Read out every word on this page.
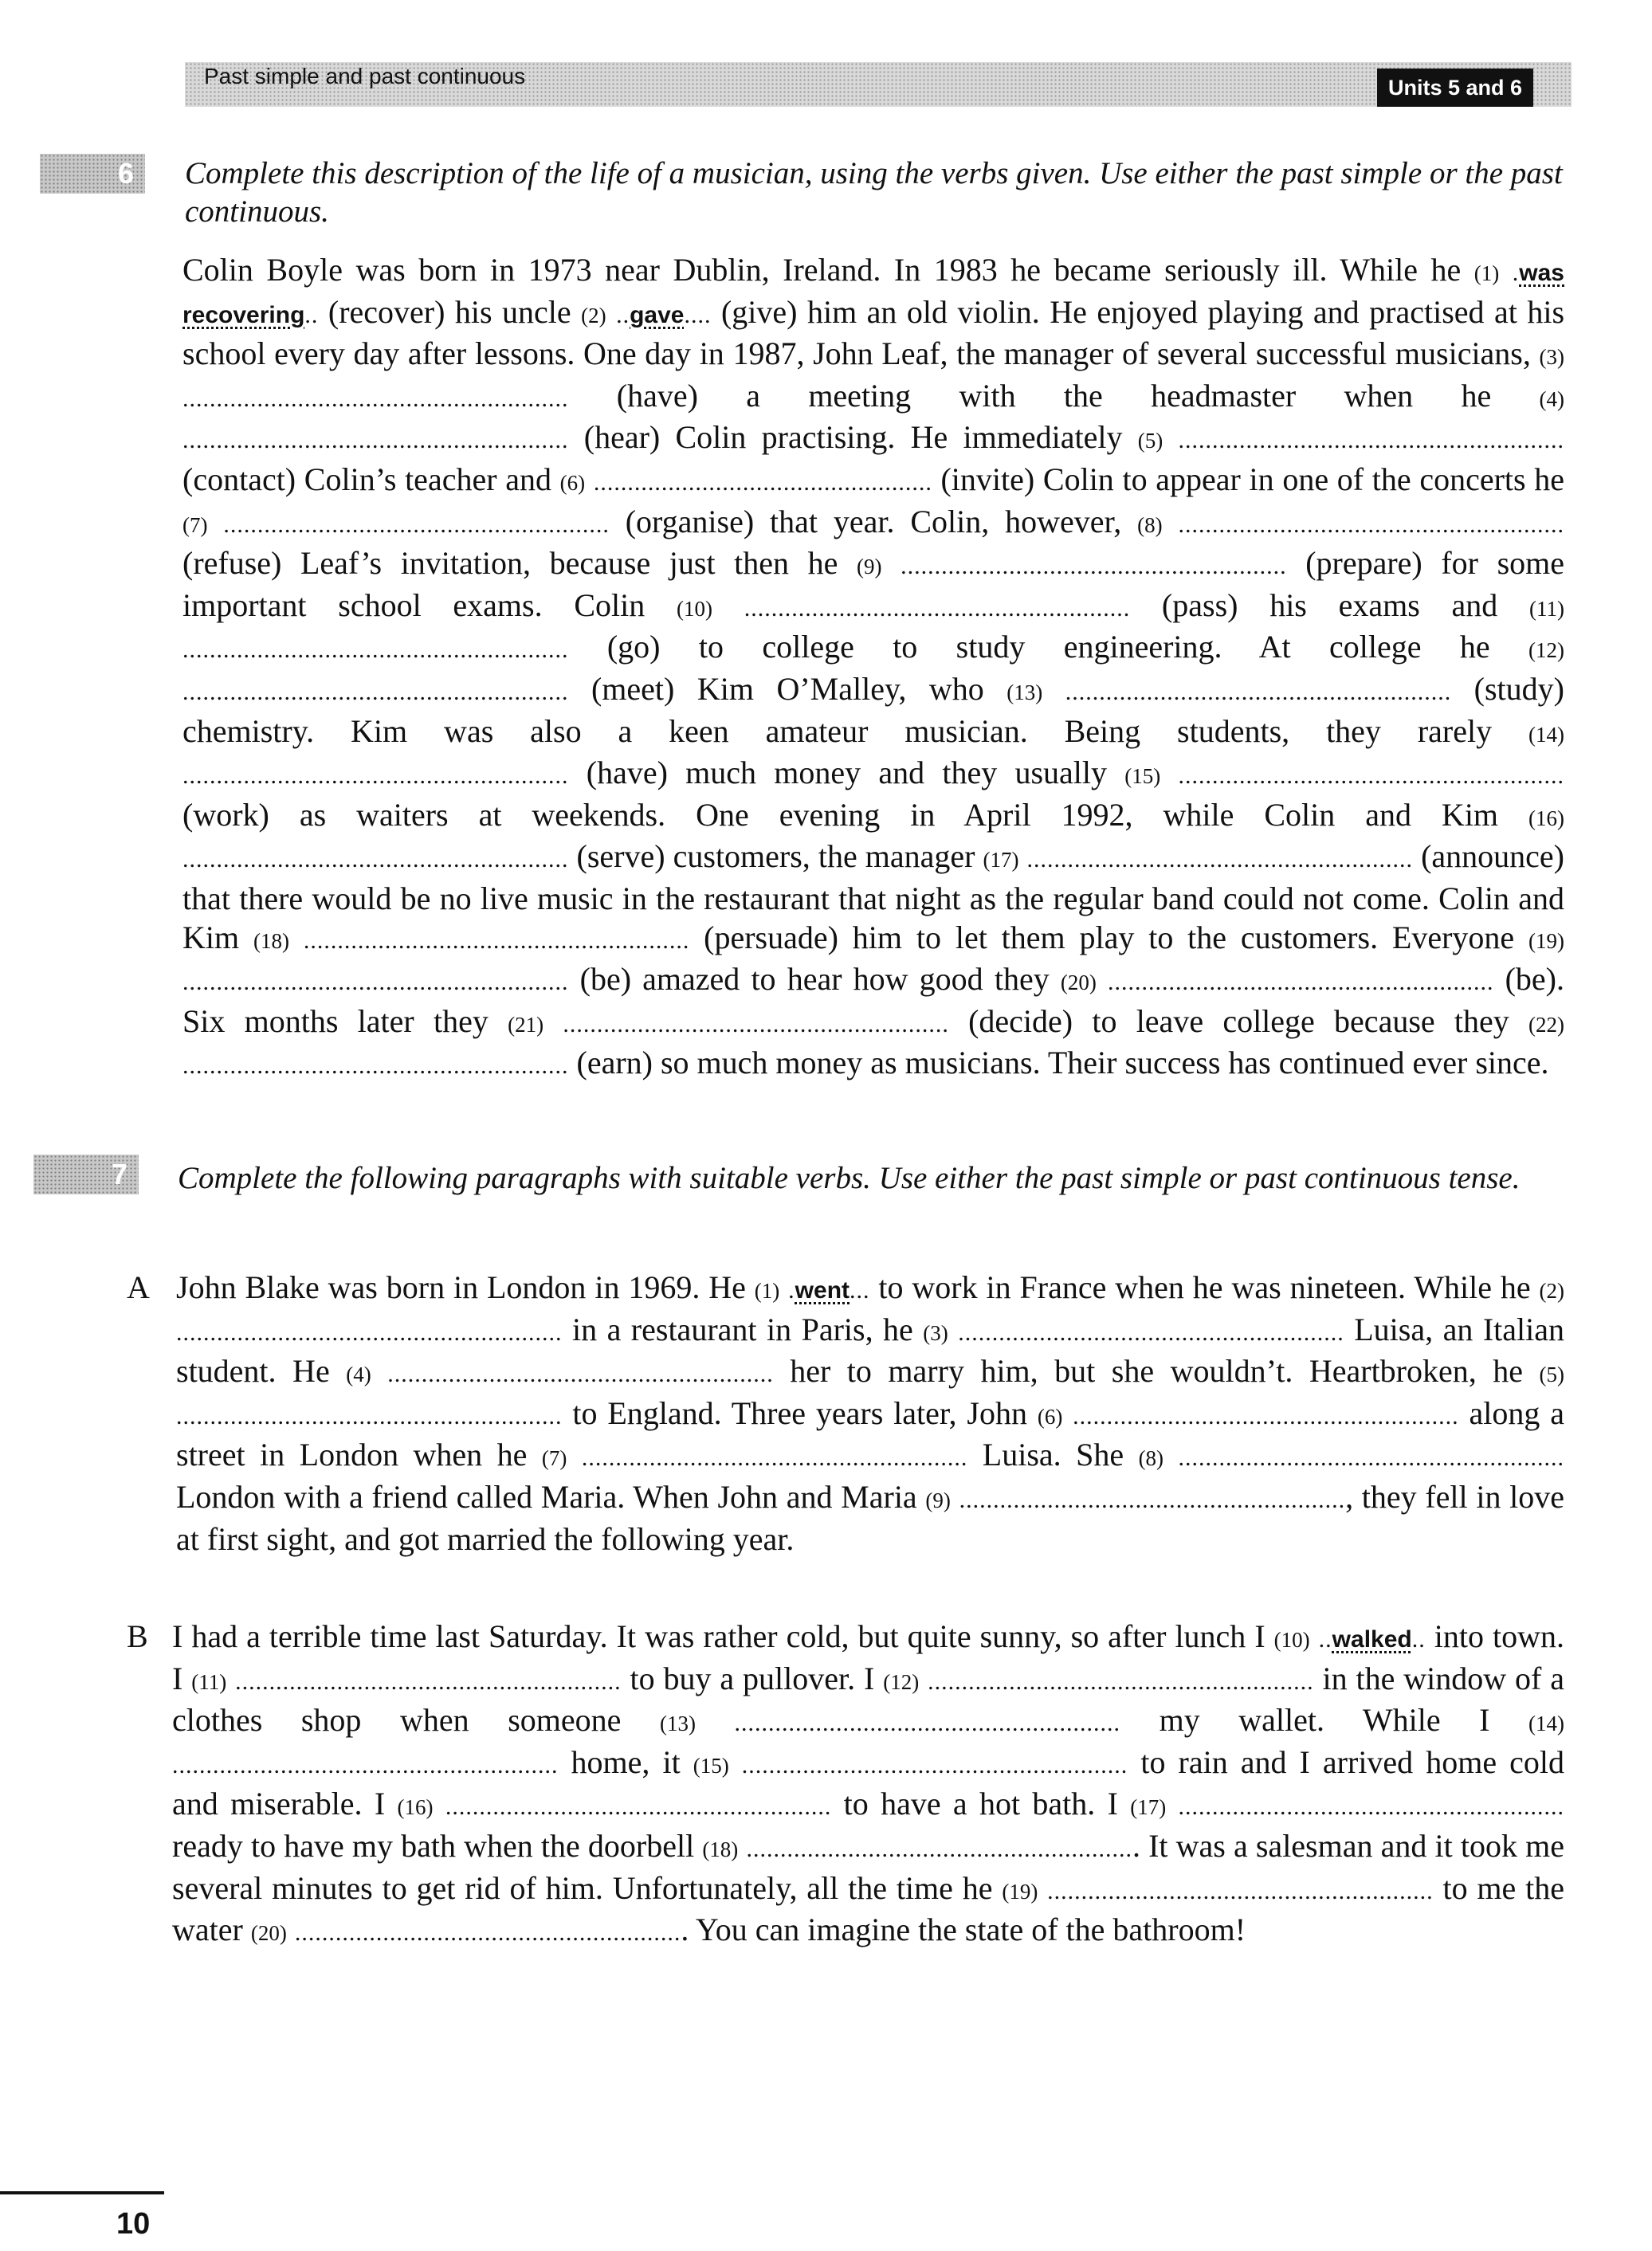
Past simple and past continuous	Units 5 and 6
6	Complete this description of the life of a musician, using the verbs given. Use either the past simple or the past continuous.

Colin Boyle was born in 1973 near Dublin, Ireland. In 1983 he became seriously ill. While he (1) .was recovering.. (recover) his uncle (2) ..gave.... (give) him an old violin. He enjoyed playing and practised at his school every day after lessons. One day in 1987, John Leaf, the manager of several successful musicians, (3) ......................................................... (have) a meeting with the headmaster when he (4) ......................................................... (hear) Colin practising. He immediately (5) ......................................................... (contact) Colin’s teacher and (6) .................................................. (invite) Colin to appear in one of the concerts he (7) ......................................................... (organise) that year. Colin, however, (8) ......................................................... (refuse) Leaf’s invitation, because just then he (9) ......................................................... (prepare) for some important school exams. Colin (10) ......................................................... (pass) his exams and (11) ......................................................... (go) to college to study engineering. At college he (12) ......................................................... (meet) Kim O’Malley, who (13) ......................................................... (study) chemistry. Kim was also a keen amateur musician. Being students, they rarely (14) ......................................................... (have) much money and they usually (15) ......................................................... (work) as waiters at weekends. One evening in April 1992, while Colin and Kim (16) ......................................................... (serve) customers, the manager (17) ......................................................... (announce) that there would be no live music in the restaurant that night as the regular band could not come. Colin and Kim (18) ......................................................... (persuade) him to let them play to the customers. Everyone (19) ......................................................... (be) amazed to hear how good they (20) ......................................................... (be). Six months later they (21) ......................................................... (decide) to leave college because they (22) ......................................................... (earn) so much money as musicians. Their success has continued ever since.

7	Complete the following paragraphs with suitable verbs. Use either the past simple or past continuous tense.

A John Blake was born in London in 1969. He (1) .went... to work in France when he was nineteen. While he (2) ......................................................... in a restaurant in Paris, he (3) ......................................................... Luisa, an Italian student. He (4) ......................................................... her to marry him, but she wouldn’t. Heartbroken, he (5) ......................................................... to England. Three years later, John (6) ......................................................... along a street in London when he (7) ......................................................... Luisa. She (8) ......................................................... London with a friend called Maria. When John and Maria (9) ........................................................., they fell in love at first sight, and got married the following year.

B I had a terrible time last Saturday. It was rather cold, but quite sunny, so after lunch I (10) ..walked.. into town. I (11) ......................................................... to buy a pullover. I (12) ......................................................... in the window of a clothes shop when someone (13) ......................................................... my wallet. While I (14) ......................................................... home, it (15) ......................................................... to rain and I arrived home cold and miserable. I (16) ......................................................... to have a hot bath. I (17) ......................................................... ready to have my bath when the doorbell (18) .......................................................... It was a salesman and it took me several minutes to get rid of him. Unfortunately, all the time he (19) ......................................................... to me the water (20) .......................................................... You can imagine the state of the bathroom!

10
